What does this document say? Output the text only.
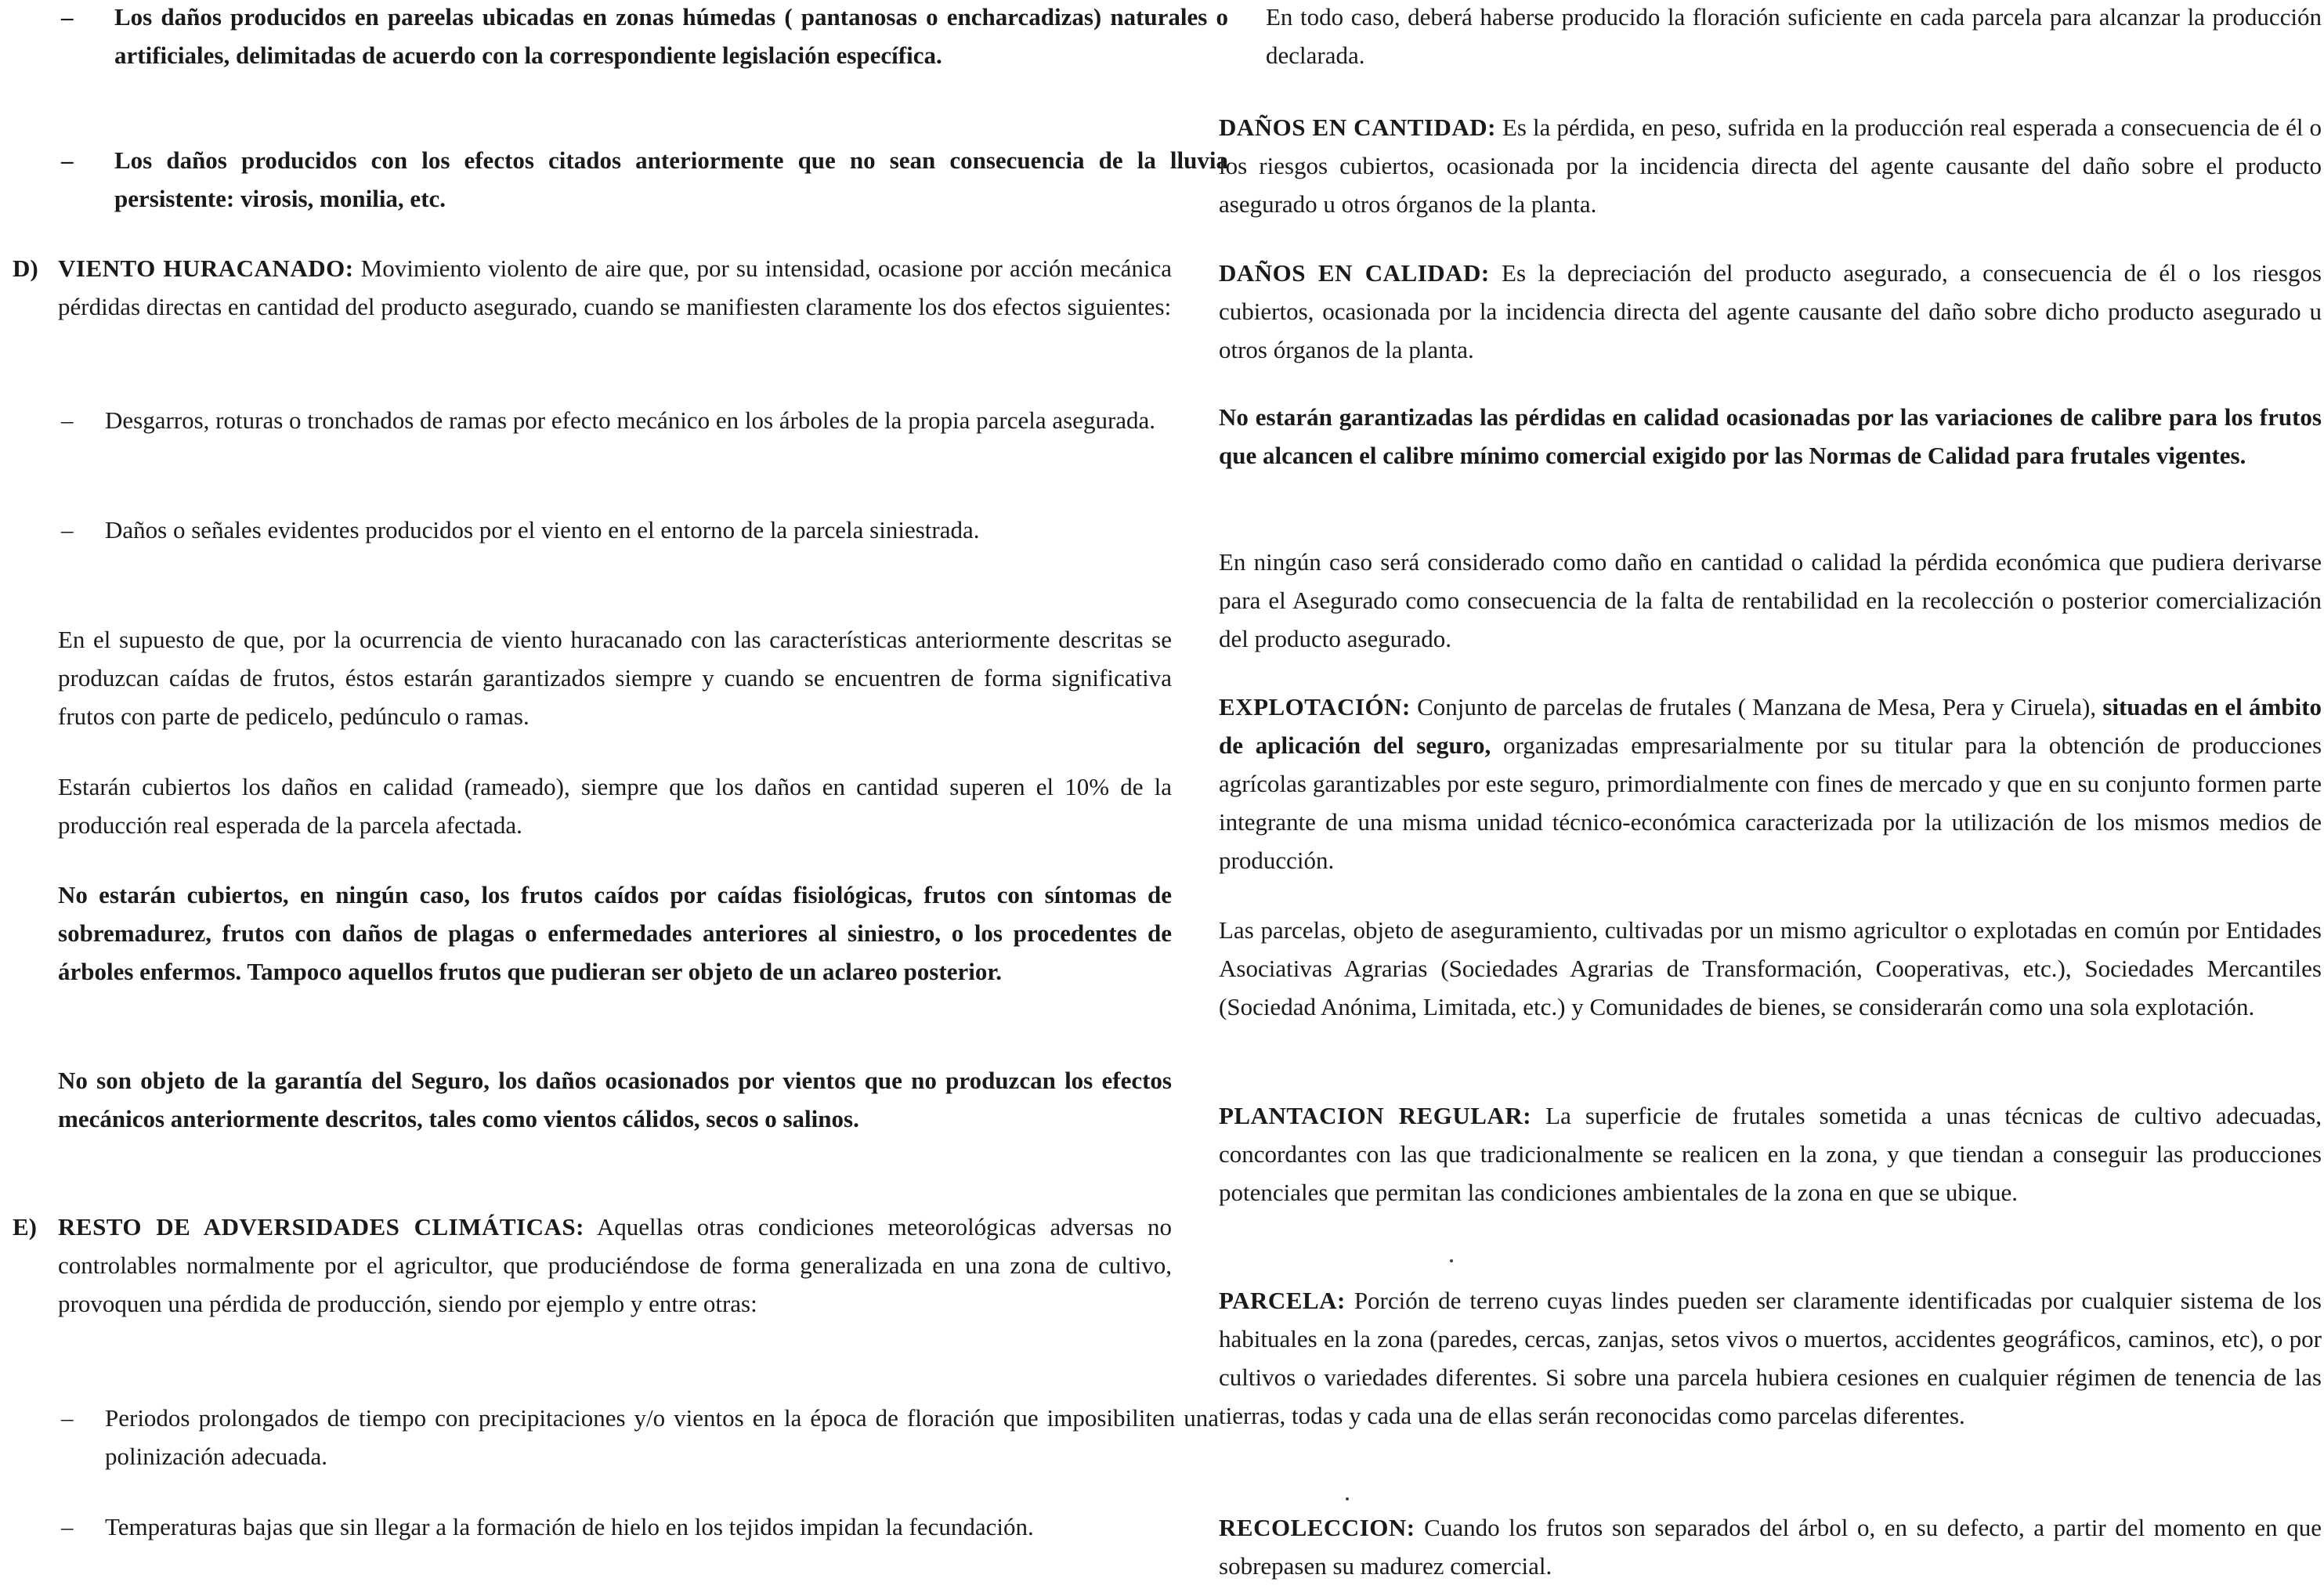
– Los daños producidos en pareelas ubicadas en zonas húmedas ( pantanosas o encharcadizas) naturales o artificiales, delimitadas de acuerdo con la correspondiente legislación específica.

– Los daños producidos con los efectos citados anteriormente que no sean consecuencia de la lluvia persistente: virosis, monilia, etc.

D) VIENTO HURACANADO: Movimiento violento de aire que, por su intensidad, ocasione por acción mecánica pérdidas directas en cantidad del producto asegurado, cuando se manifiesten claramente los dos efectos siguientes:

– Desgarros, roturas o tronchados de ramas por efecto mecánico en los árboles de la propia parcela asegurada.

– Daños o señales evidentes producidos por el viento en el entorno de la parcela siniestrada.

En el supuesto de que, por la ocurrencia de viento huracanado con las características anteriormente descritas se produzcan caídas de frutos, éstos estarán garantizados siempre y cuando se encuentren de forma significativa frutos con parte de pedicelo, pedúnculo o ramas.

Estarán cubiertos los daños en calidad (rameado), siempre que los daños en cantidad superen el 10% de la producción real esperada de la parcela afectada.

No estarán cubiertos, en ningún caso, los frutos caídos por caídas fisiológicas, frutos con síntomas de sobremadurez, frutos con daños de plagas o enfermedades anteriores al siniestro, o los procedentes de árboles enfermos. Tampoco aquellos frutos que pudieran ser objeto de un aclareo posterior.

No son objeto de la garantía del Seguro, los daños ocasionados por vientos que no produzcan los efectos mecánicos anteriormente descritos, tales como vientos cálidos, secos o salinos.

E) RESTO DE ADVERSIDADES CLIMÁTICAS: Aquellas otras condiciones meteorológicas adversas no controlables normalmente por el agricultor, que produciéndose de forma generalizada en una zona de cultivo, provoquen una pérdida de producción, siendo por ejemplo y entre otras:

– Periodos prolongados de tiempo con precipitaciones y/o vientos en la época de floración que imposibiliten una polinización adecuada.

– Temperaturas bajas que sin llegar a la formación de hielo en los tejidos impidan la fecundación.

En todo caso, deberá haberse producido la floración suficiente en cada parcela para alcanzar la producción declarada.

DAÑOS EN CANTIDAD: Es la pérdida, en peso, sufrida en la producción real esperada a consecuencia de él o los riesgos cubiertos, ocasionada por la incidencia directa del agente causante del daño sobre el producto asegurado u otros órganos de la planta.

DAÑOS EN CALIDAD: Es la depreciación del producto asegurado, a consecuencia de él o los riesgos cubiertos, ocasionada por la incidencia directa del agente causante del daño sobre dicho producto asegurado u otros órganos de la planta.

No estarán garantizadas las pérdidas en calidad ocasionadas por las variaciones de calibre para los frutos que alcancen el calibre mínimo comercial exigido por las Normas de Calidad para frutales vigentes.

En ningún caso será considerado como daño en cantidad o calidad la pérdida económica que pudiera derivarse para el Asegurado como consecuencia de la falta de rentabilidad en la recolección o posterior comercialización del producto asegurado.

EXPLOTACIÓN: Conjunto de parcelas de frutales ( Manzana de Mesa, Pera y Ciruela), situadas en el ámbito de aplicación del seguro, organizadas empresarialmente por su titular para la obtención de producciones agrícolas garantizables por este seguro, primordialmente con fines de mercado y que en su conjunto formen parte integrante de una misma unidad técnico-económica caracterizada por la utilización de los mismos medios de producción.

Las parcelas, objeto de aseguramiento, cultivadas por un mismo agricultor o explotadas en común por Entidades Asociativas Agrarias (Sociedades Agrarias de Transformación, Cooperativas, etc.), Sociedades Mercantiles (Sociedad Anónima, Limitada, etc.) y Comunidades de bienes, se considerarán como una sola explotación.

PLANTACION REGULAR: La superficie de frutales sometida a unas técnicas de cultivo adecuadas, concordantes con las que tradicionalmente se realicen en la zona, y que tiendan a conseguir las producciones potenciales que permitan las condiciones ambientales de la zona en que se ubique.

PARCELA: Porción de terreno cuyas lindes pueden ser claramente identificadas por cualquier sistema de los habituales en la zona (paredes, cercas, zanjas, setos vivos o muertos, accidentes geográficos, caminos, etc), o por cultivos o variedades diferentes. Si sobre una parcela hubiera cesiones en cualquier régimen de tenencia de las tierras, todas y cada una de ellas serán reconocidas como parcelas diferentes.

RECOLECCION: Cuando los frutos son separados del árbol o, en su defecto, a partir del momento en que sobrepasen su madurez comercial.
